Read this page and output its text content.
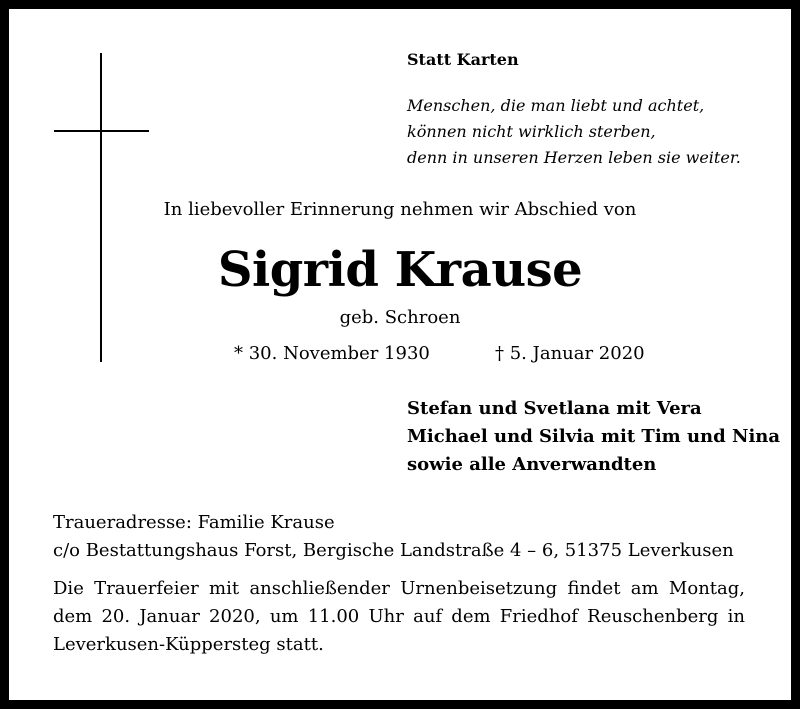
Statt Karten
Menschen, die man liebt und achtet,
können nicht wirklich sterben,
denn in unseren Herzen leben sie weiter.
In liebevoller Erinnerung nehmen wir Abschied von
Sigrid Krause
geb. Schroen
* 30. November 1930	† 5. Januar 2020
Stefan und Svetlana mit Vera
Michael und Silvia mit Tim und Nina
sowie alle Anverwandten
Traueradresse: Familie Krause
c/o Bestattungshaus Forst, Bergische Landstraße 4 – 6, 51375 Leverkusen
Die Trauerfeier mit anschließender Urnenbeisetzung findet am Montag, dem 20. Januar 2020, um 11.00 Uhr auf dem Friedhof Reuschenberg in Leverkusen-Küppersteg statt.
